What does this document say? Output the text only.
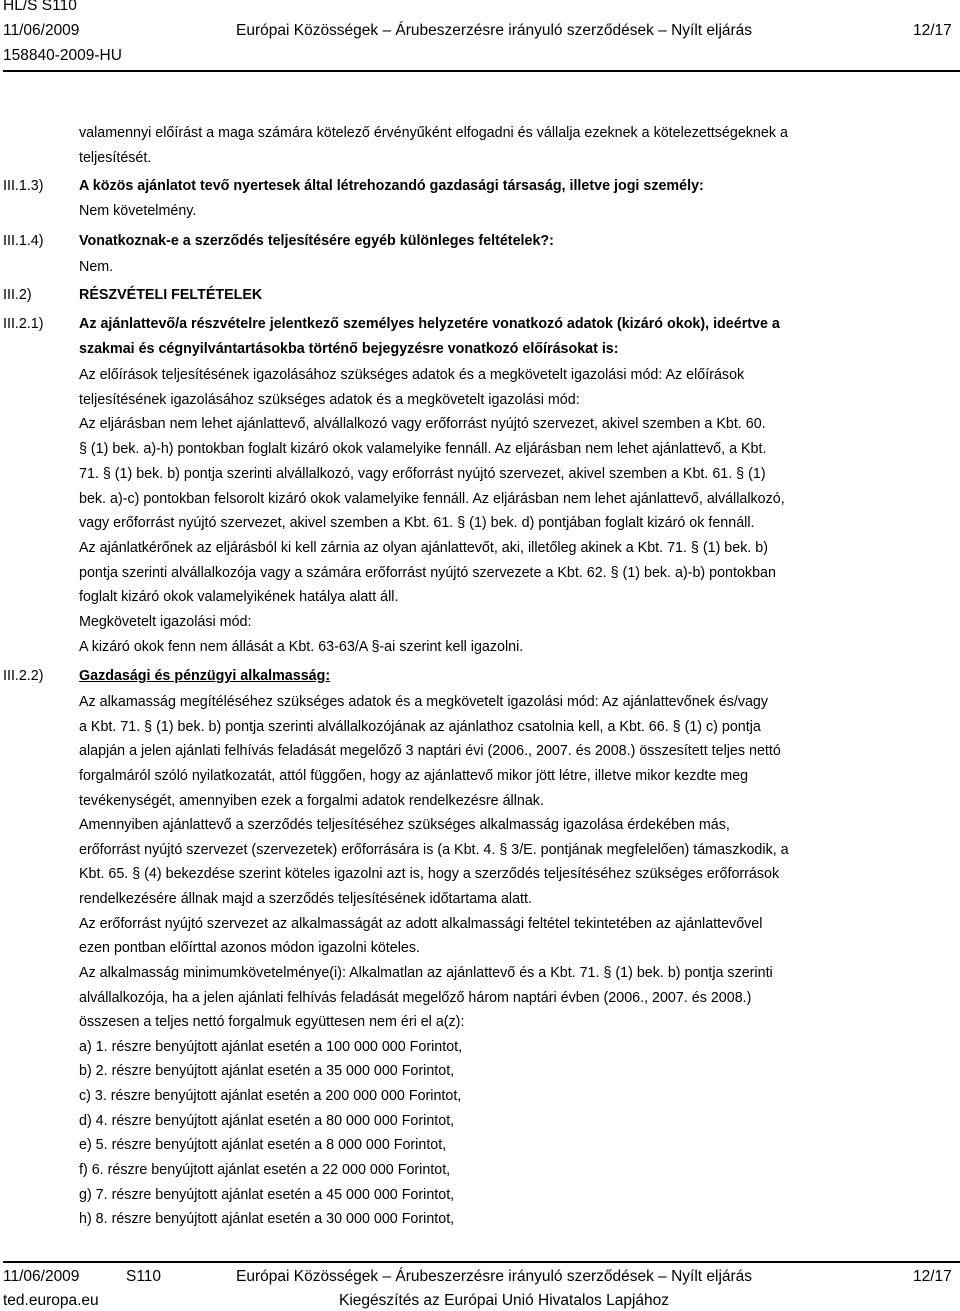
HL/S S110
11/06/2009	Európai Közösségek – Árubeszerzésre irányuló szerződések – Nyílt eljárás	12/17
158840-2009-HU
valamennyi előírást a maga számára kötelező érvényűként elfogadni és vállalja ezeknek a kötelezettségeknek a
teljesítését.
III.1.3) A közös ajánlatot tevő nyertesek által létrehozandó gazdasági társaság, illetve jogi személy:
Nem követelmény.
III.1.4) Vonatkoznak-e a szerződés teljesítésére egyéb különleges feltételek?:
Nem.
III.2)	RÉSZVÉTELI FELTÉTELEK
III.2.1) Az ajánlattevő/a részvételre jelentkező személyes helyzetére vonatkozó adatok (kizáró okok), ideértve a
szakmai és cégnyilvántartásokba történő bejegyzésre vonatkozó előírásokat is:
Az előírások teljesítésének igazolásához szükséges adatok és a megkövetelt igazolási mód: Az előírások
teljesítésének igazolásához szükséges adatok és a megkövetelt igazolási mód:
Az eljárásban nem lehet ajánlattevő, alvállalkozó vagy erőforrást nyújtó szervezet, akivel szemben a Kbt. 60.
§ (1) bek. a)-h) pontokban foglalt kizáró okok valamelyike fennáll. Az eljárásban nem lehet ajánlattevő, a Kbt.
71. § (1) bek. b) pontja szerinti alvállalkozó, vagy erőforrást nyújtó szervezet, akivel szemben a Kbt. 61. § (1)
bek. a)-c) pontokban felsorolt kizáró okok valamelyike fennáll. Az eljárásban nem lehet ajánlattevő, alvállalkozó,
vagy erőforrást nyújtó szervezet, akivel szemben a Kbt. 61. § (1) bek. d) pontjában foglalt kizáró ok fennáll.
Az ajánlatkérőnek az eljárásból ki kell zárnia az olyan ajánlattevőt, aki, illetőleg akinek a Kbt. 71. § (1) bek. b)
pontja szerinti alvállalkozója vagy a számára erőforrást nyújtó szervezete a Kbt. 62. § (1) bek. a)-b) pontokban
foglalt kizáró okok valamelyikének hatálya alatt áll.
Megkövetelt igazolási mód:
A kizáró okok fenn nem állását a Kbt. 63-63/A §-ai szerint kell igazolni.
III.2.2) Gazdasági és pénzügyi alkalmasság:
Az alkamasság megítéléséhez szükséges adatok és a megkövetelt igazolási mód: Az ajánlattevőnek és/vagy
a Kbt. 71. § (1) bek. b) pontja szerinti alvállalkozójának az ajánlathoz csatolnia kell, a Kbt. 66. § (1) c) pontja
alapján a jelen ajánlati felhívás feladását megelőző 3 naptári évi (2006., 2007. és 2008.) összesített teljes nettó
forgalmáról szóló nyilatkozatát, attól függően, hogy az ajánlattevő mikor jött létre, illetve mikor kezdte meg
tevékenységét, amennyiben ezek a forgalmi adatok rendelkezésre állnak.
Amennyiben ajánlattevő a szerződés teljesítéséhez szükséges alkalmasság igazolása érdekében más,
erőforrást nyújtó szervezet (szervezetek) erőforrására is (a Kbt. 4. § 3/E. pontjának megfelelően) támaszkodik, a
Kbt. 65. § (4) bekezdése szerint köteles igazolni azt is, hogy a szerződés teljesítéséhez szükséges erőforrások
rendelkezésére állnak majd a szerződés teljesítésének időtartama alatt.
Az erőforrást nyújtó szervezet az alkalmasságát az adott alkalmassági feltétel tekintetében az ajánlattevővel
ezen pontban előírttal azonos módon igazolni köteles.
Az alkalmasság minimumkövetelménye(i): Alkalmatlan az ajánlattevő és a Kbt. 71. § (1) bek. b) pontja szerinti
alvállalkozója, ha a jelen ajánlati felhívás feladását megelőző három naptári évben (2006., 2007. és 2008.)
összesen a teljes nettó forgalmuk együttesen nem éri el a(z):
a) 1. részre benyújtott ajánlat esetén a 100 000 000 Forintot,
b) 2. részre benyújtott ajánlat esetén a 35 000 000 Forintot,
c) 3. részre benyújtott ajánlat esetén a 200 000 000 Forintot,
d) 4. részre benyújtott ajánlat esetén a 80 000 000 Forintot,
e) 5. részre benyújtott ajánlat esetén a 8 000 000 Forintot,
f) 6. részre benyújtott ajánlat esetén a 22 000 000 Forintot,
g) 7. részre benyújtott ajánlat esetén a 45 000 000 Forintot,
h) 8. részre benyújtott ajánlat esetén a 30 000 000 Forintot,
11/06/2009	S110	Európai Közösségek – Árubeszerzésre irányuló szerződések – Nyílt eljárás	12/17
ted.europa.eu	Kiegészítés az Európai Unió Hivatalos Lapjához
